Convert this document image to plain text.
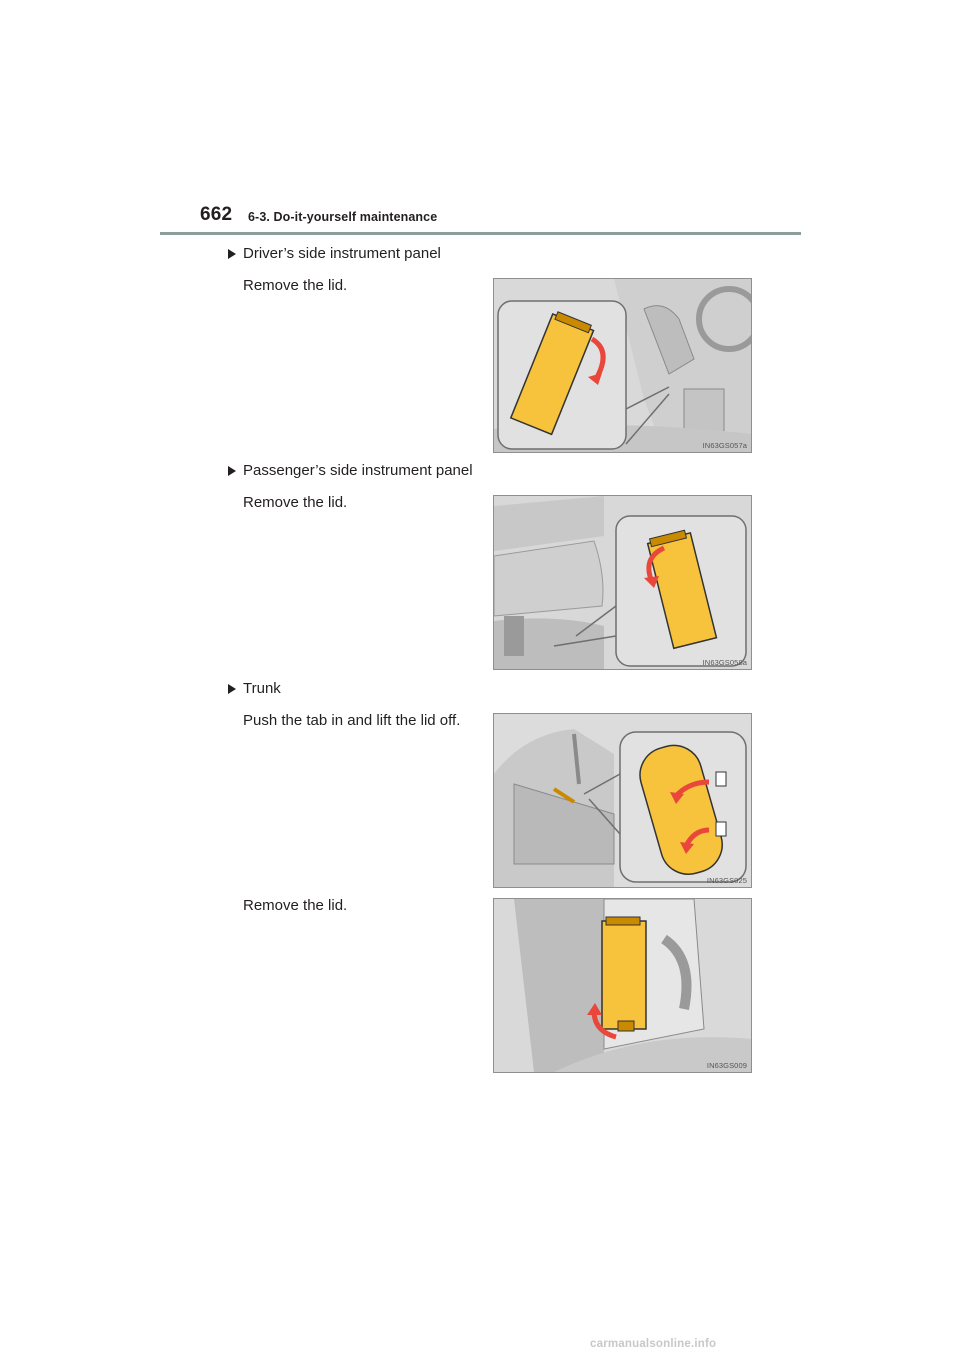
662 6-3. Do-it-yourself maintenance
Driver’s side instrument panel
Remove the lid.
IN63GS057a
Passenger’s side instrument panel
Remove the lid.
IN63GS058a
Trunk
Push the tab in and lift the lid off.
IN63GS025
Remove the lid.
IN63GS009
carmanualsonline.info
